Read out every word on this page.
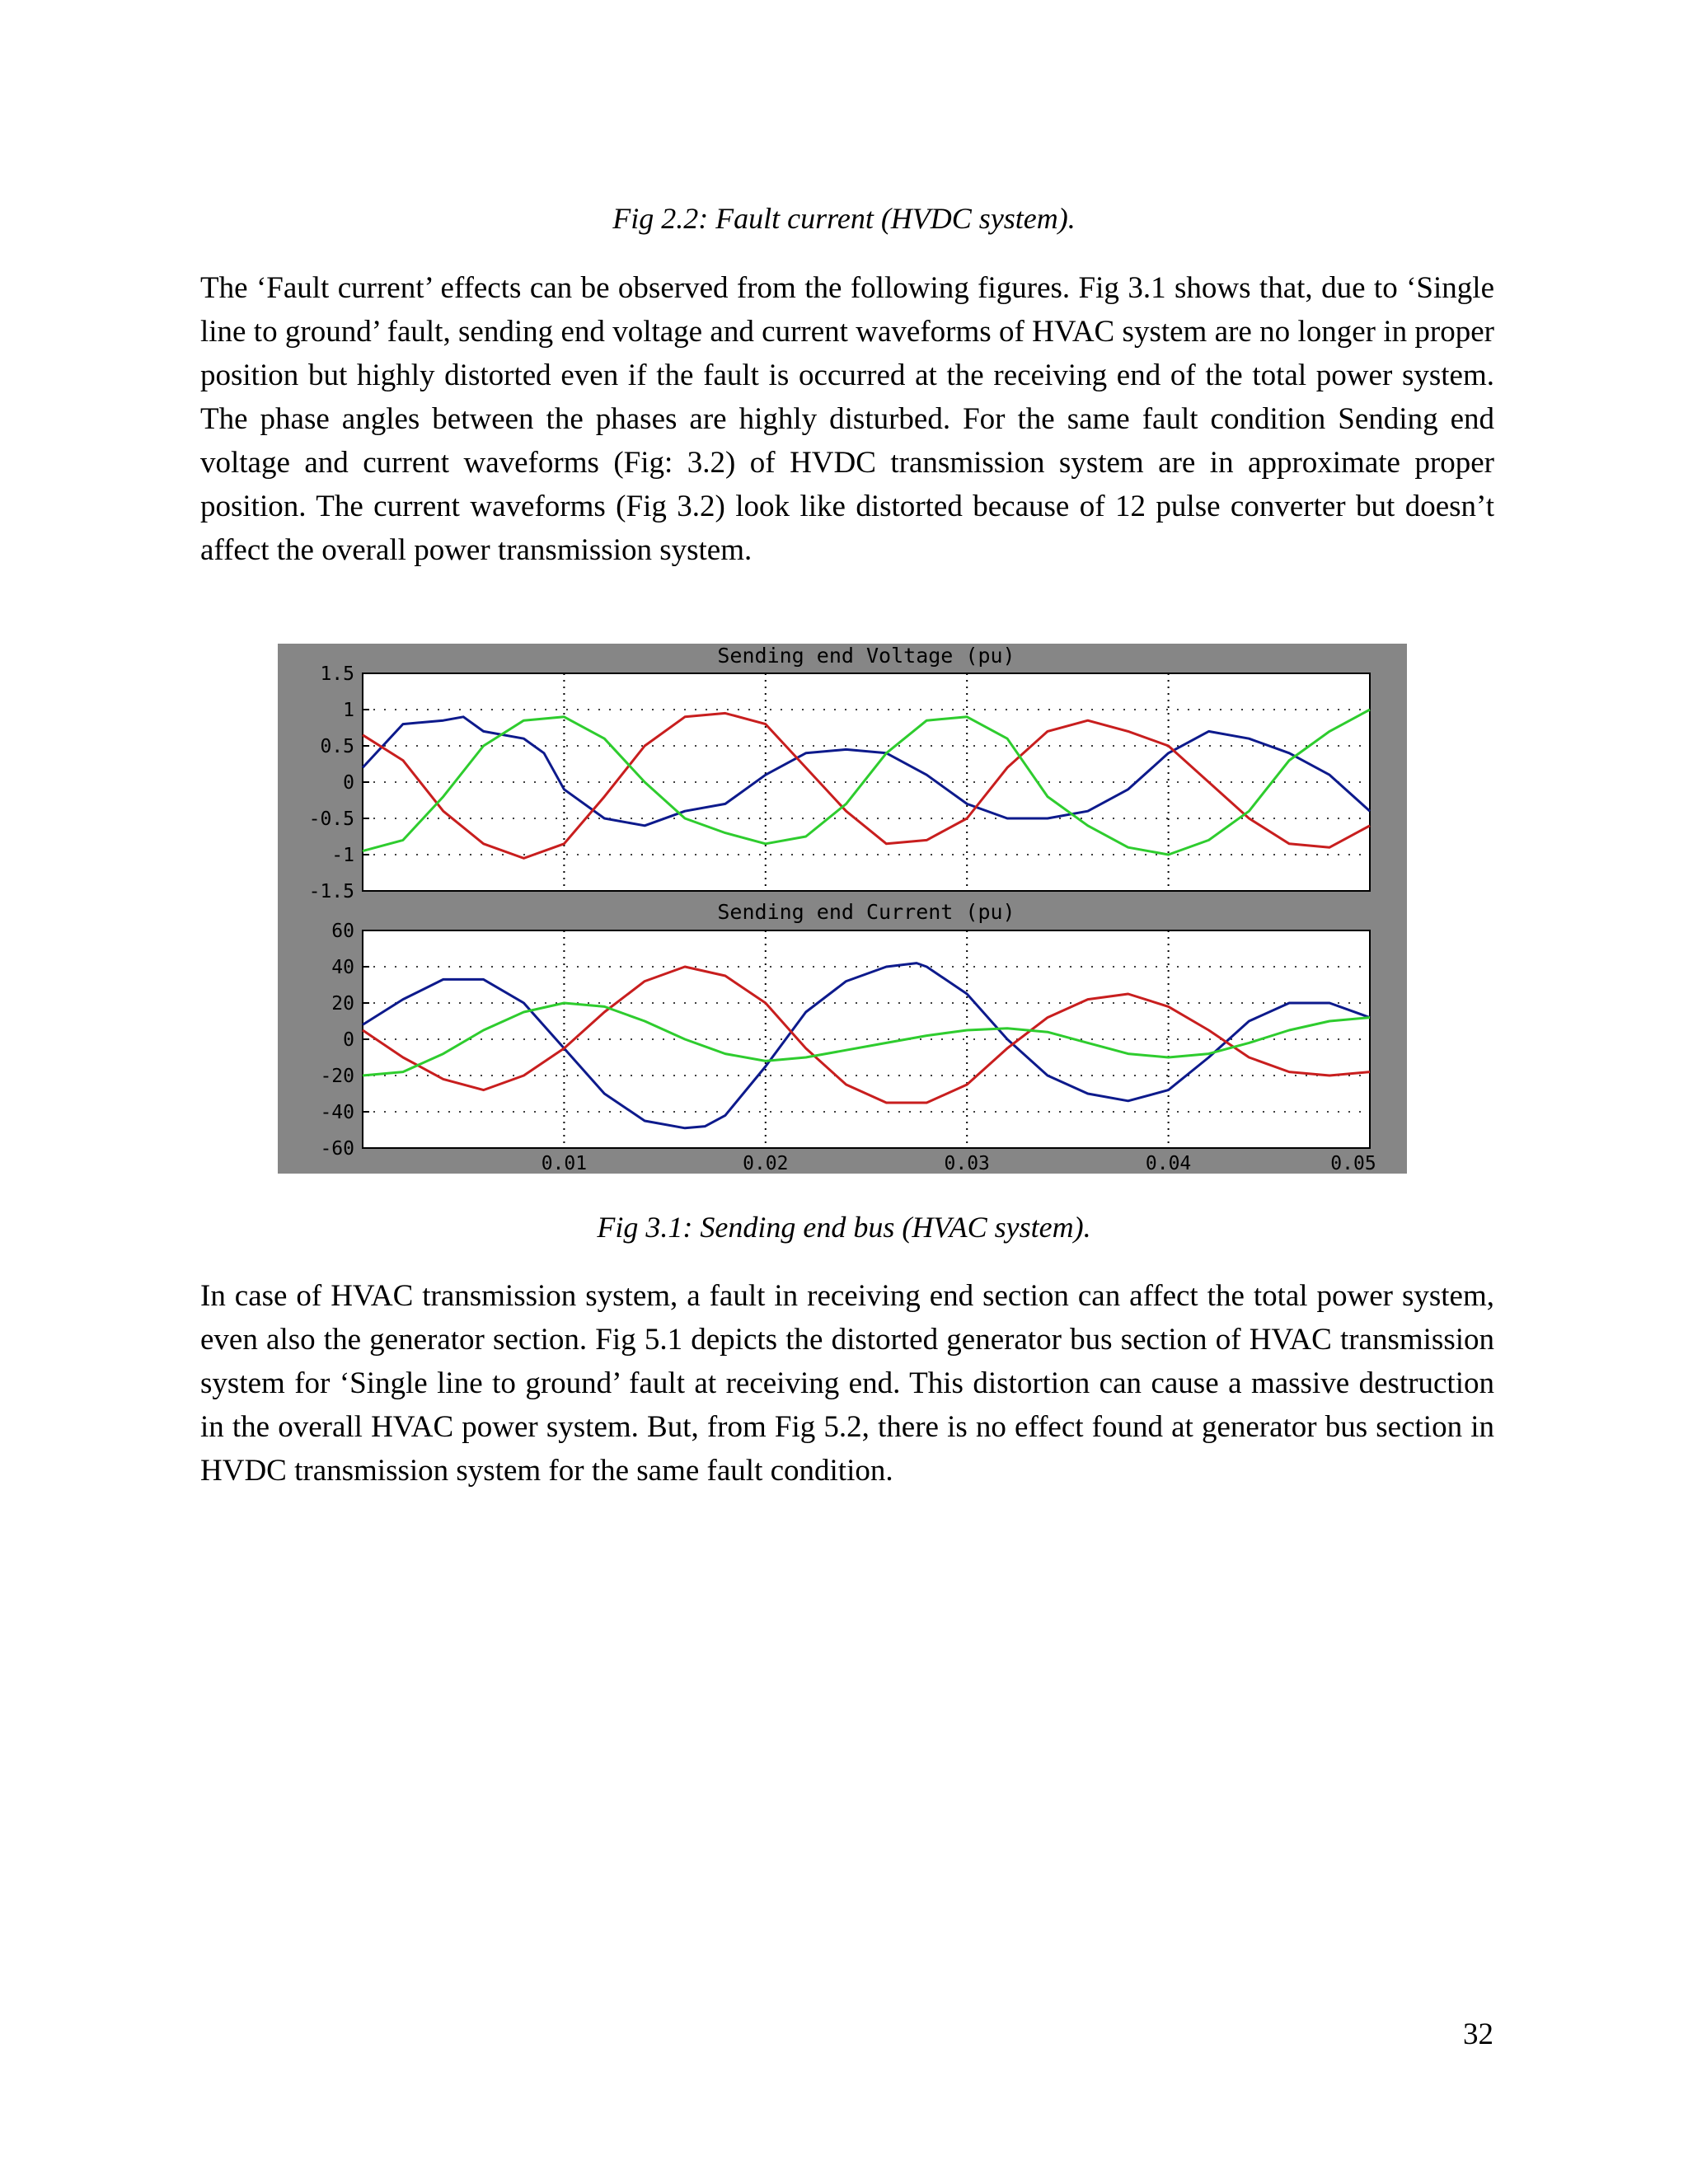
Fig 2.2: Fault current (HVDC system).

The ‘Fault current’ effects can be observed from the following figures. Fig 3.1 shows that, due to ‘Single line to ground’ fault, sending end voltage and current waveforms of HVAC system are no longer in proper position but highly distorted even if the fault is occurred at the receiving end of the total power system. The phase angles between the phases are highly disturbed. For the same fault condition Sending end voltage and current waveforms (Fig: 3.2) of HVDC transmission system are in approximate proper position. The current waveforms (Fig 3.2) look like distorted because of 12 pulse converter but doesn’t affect the overall power transmission system.

Sending end Voltage (pu)
-1.5
-1
-0.5
0
0.5
1
1.5
Sending end Current (pu)
-60
-40
-20
0
20
40
60
0.01	0.02	0.03	0.04	0.05
Fig 3.1: Sending end bus (HVAC system).

In case of HVAC transmission system, a fault in receiving end section can affect the total power system, even also the generator section. Fig 5.1 depicts the distorted generator bus section of HVAC transmission system for ‘Single line to ground’ fault at receiving end. This distortion can cause a massive destruction in the overall HVAC power system. But, from Fig 5.2, there is no effect found at generator bus section in HVDC transmission system for the same fault condition.

32
